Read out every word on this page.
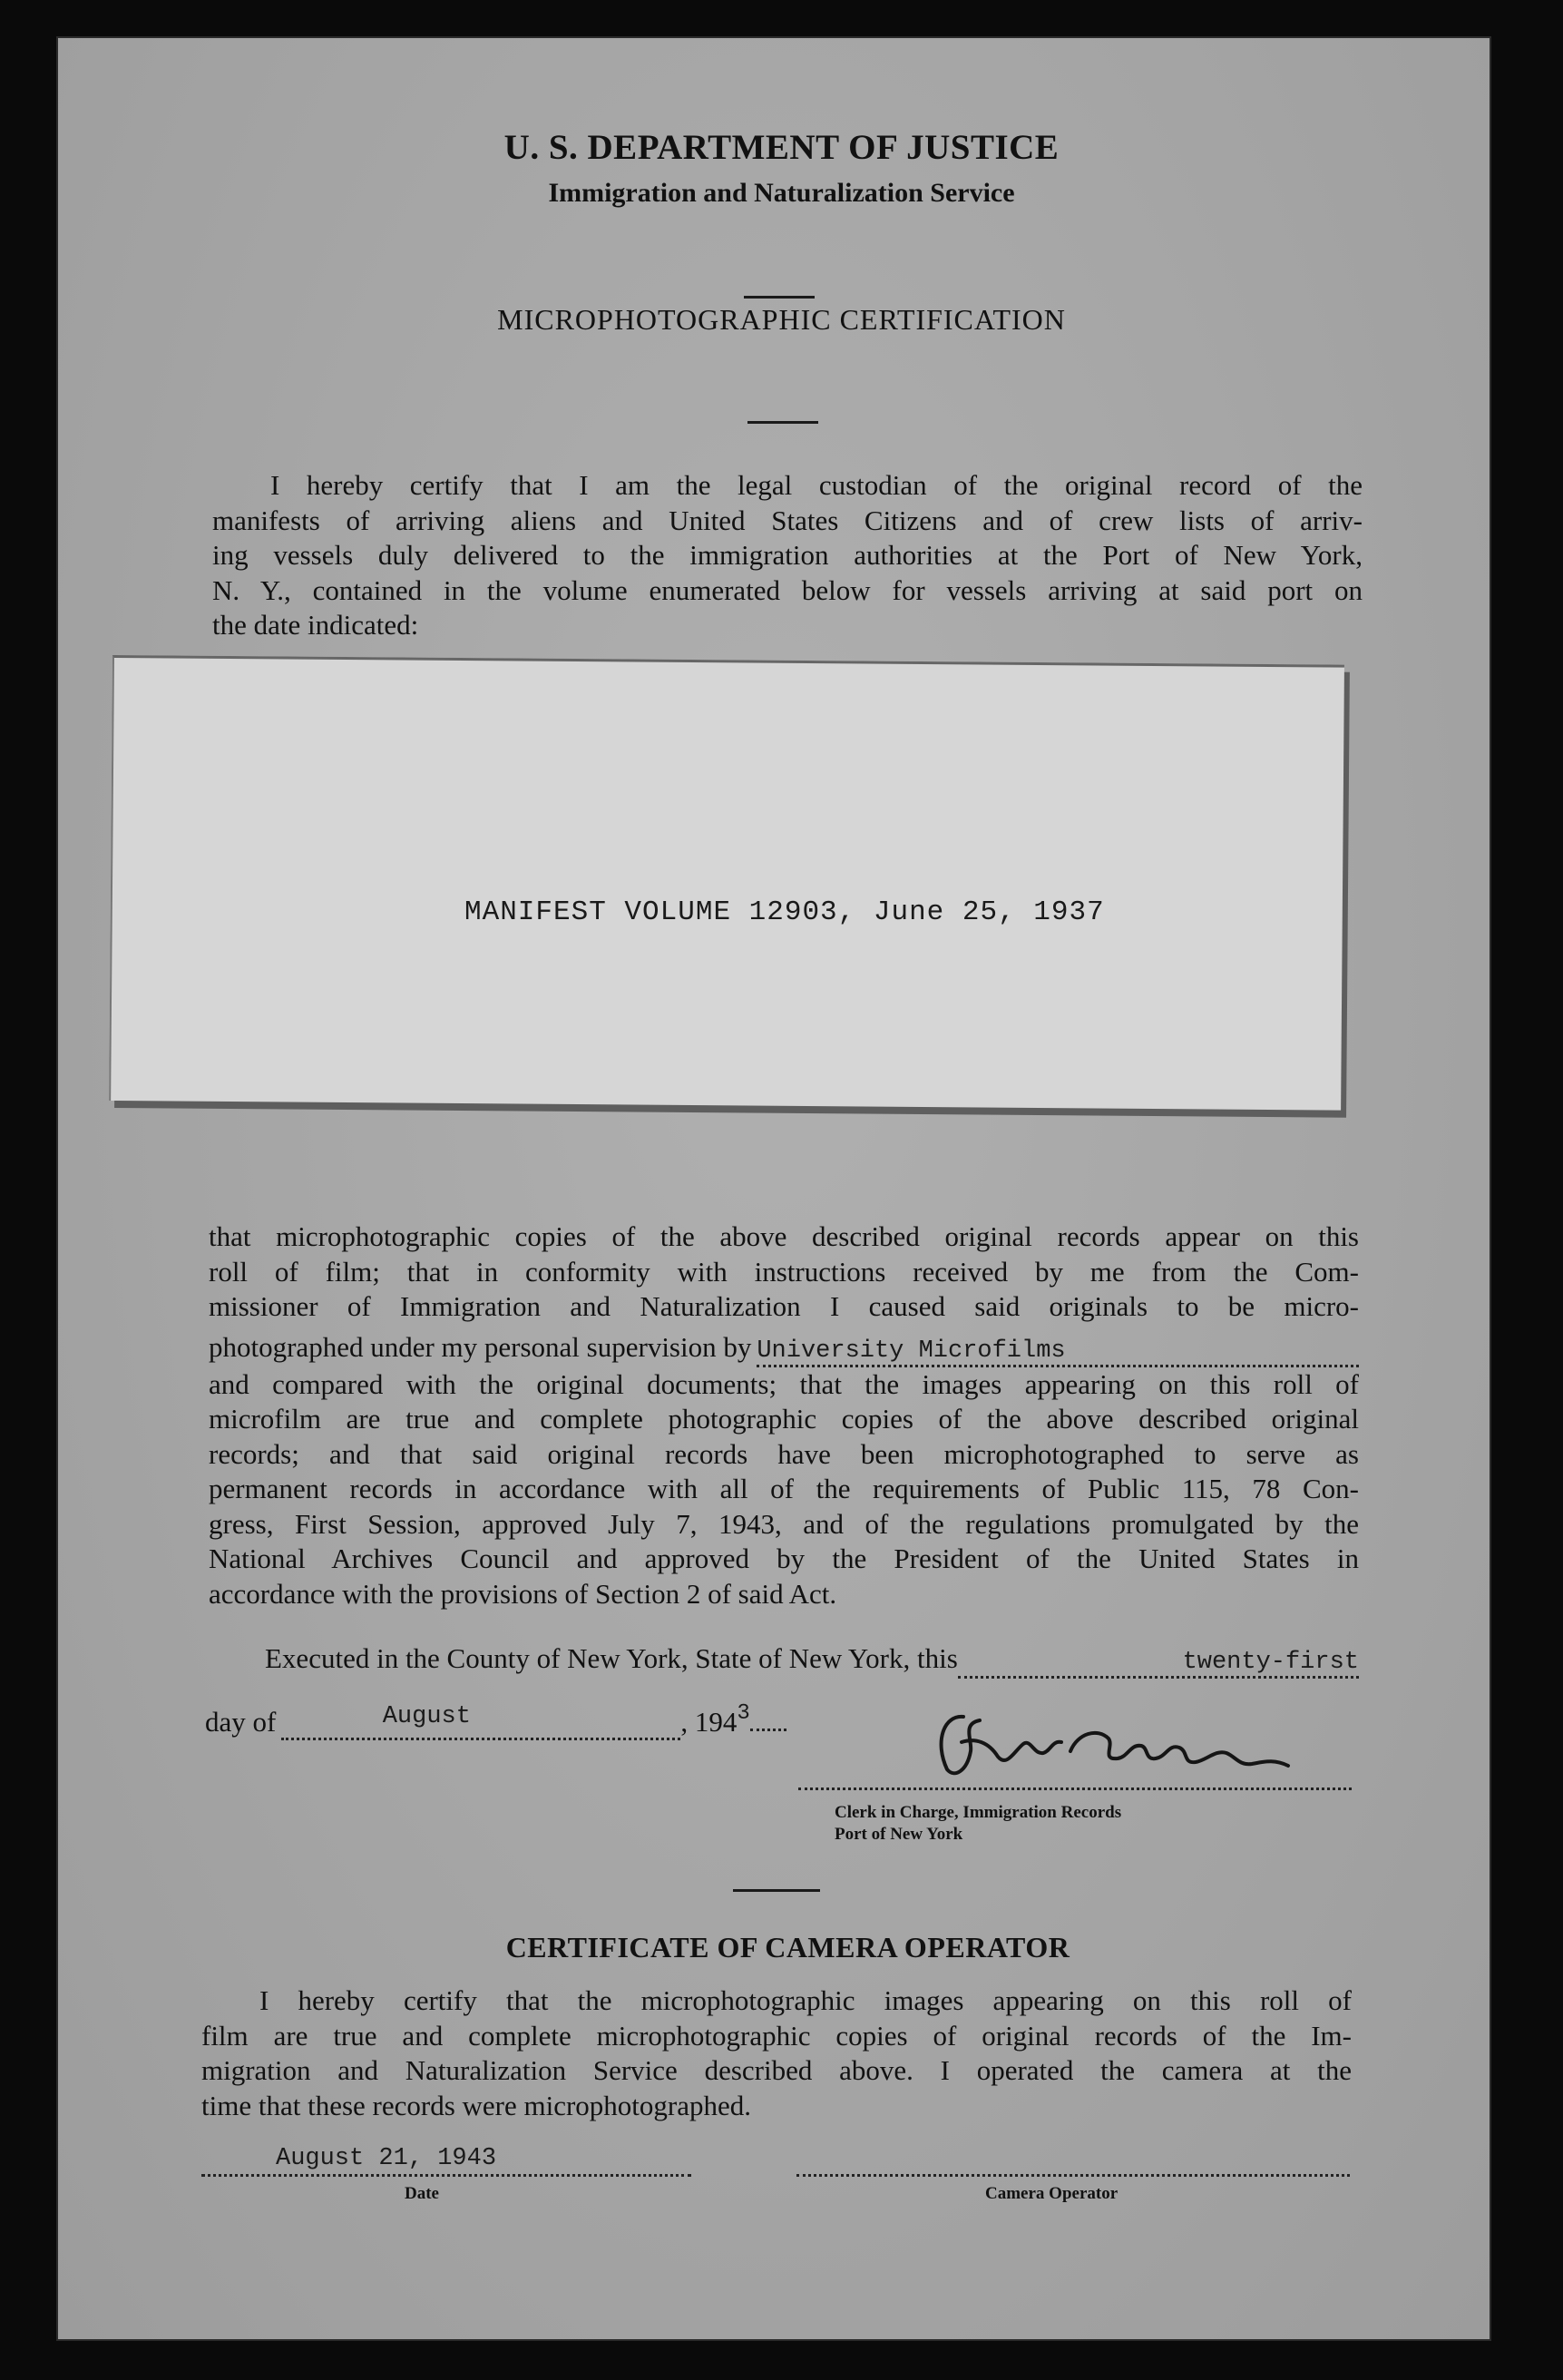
U. S. DEPARTMENT OF JUSTICE
Immigration and Naturalization Service
MICROPHOTOGRAPHIC CERTIFICATION
I hereby certify that I am the legal custodian of the original record of the
manifests of arriving aliens and United States Citizens and of crew lists of arriv-
ing vessels duly delivered to the immigration authorities at the Port of New York,
N. Y., contained in the volume enumerated below for vessels arriving at said port on
the date indicated:
MANIFEST VOLUME 12903, June 25, 1937
that microphotographic copies of the above described original records appear on this
roll of film; that in conformity with instructions received by me from the Com-
missioner of Immigration and Naturalization I caused said originals to be micro-
photographed under my personal supervision by University Microfilms
and compared with the original documents; that the images appearing on this roll of
microfilm are true and complete photographic copies of the above described original
records; and that said original records have been microphotographed to serve as
permanent records in accordance with all of the requirements of Public 115, 78 Con-
gress, First Session, approved July 7, 1943, and of the regulations promulgated by the
National Archives Council and approved by the President of the United States in
accordance with the provisions of Section 2 of said Act.
Executed in the County of New York, State of New York, this	twenty-first
day of	August	, 194 3
Clerk in Charge, Immigration Records
Port of New York
CERTIFICATE OF CAMERA OPERATOR
I hereby certify that the microphotographic images appearing on this roll of
film are true and complete microphotographic copies of original records of the Im-
migration and Naturalization Service described above. I operated the camera at the
time that these records were microphotographed.
August 21, 1943
Date	Camera Operator
